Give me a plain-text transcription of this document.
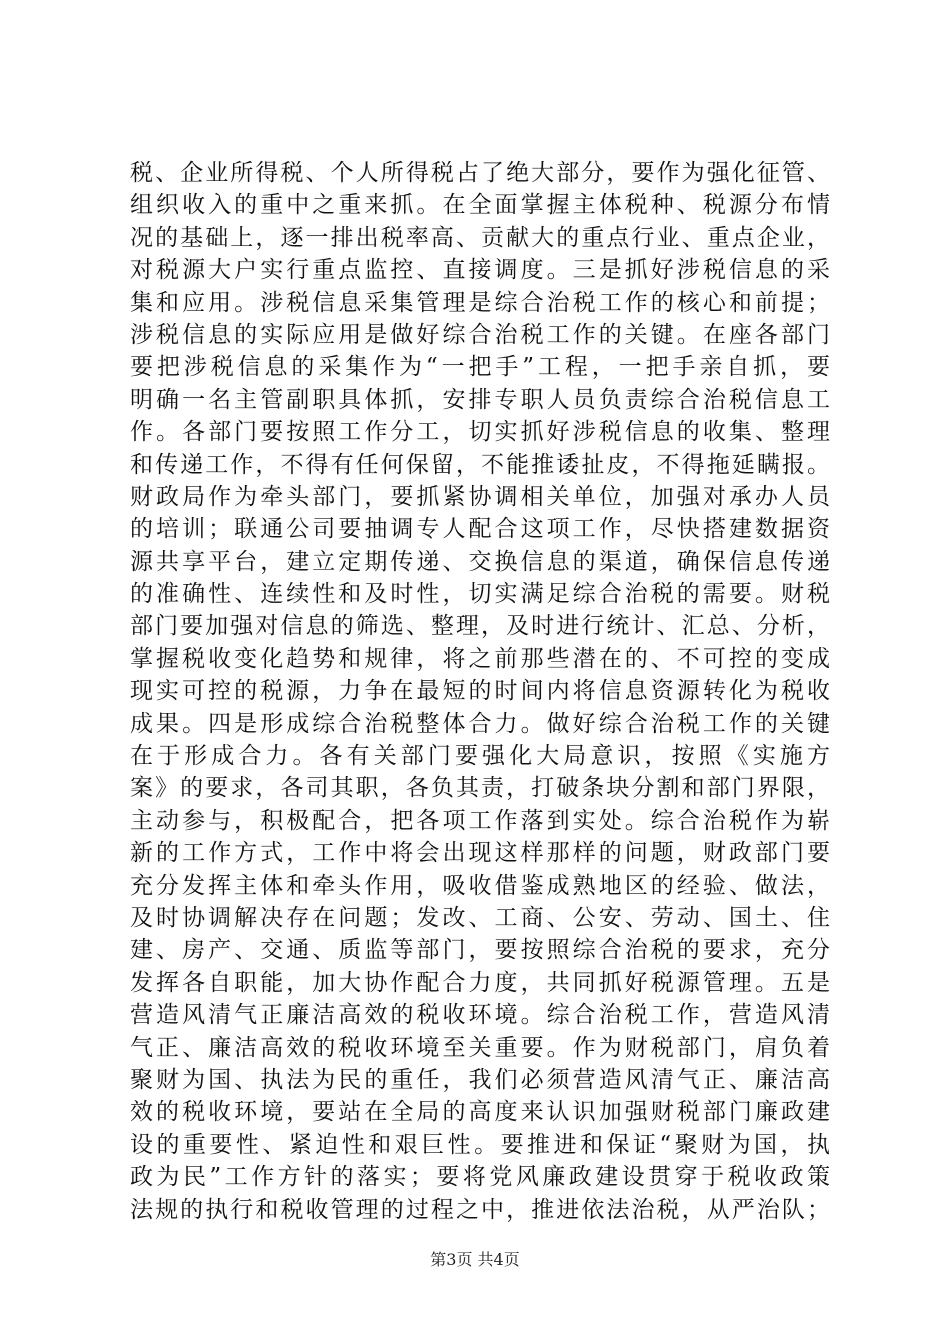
税、企业所得税、个人所得税占了绝大部分，要作为强化征管、
组织收入的重中之重来抓。在全面掌握主体税种、税源分布情
况的基础上，逐一排出税率高、贡献大的重点行业、重点企业，
对税源大户实行重点监控、直接调度。三是抓好涉税信息的采
集和应用。涉税信息采集管理是综合治税工作的核心和前提；
涉税信息的实际应用是做好综合治税工作的关键。在座各部门
要把涉税信息的采集作为“一把手”工程，一把手亲自抓，要
明确一名主管副职具体抓，安排专职人员负责综合治税信息工
作。各部门要按照工作分工，切实抓好涉税信息的收集、整理
和传递工作，不得有任何保留，不能推诿扯皮，不得拖延瞒报。
财政局作为牵头部门，要抓紧协调相关单位，加强对承办人员
的培训；联通公司要抽调专人配合这项工作，尽快搭建数据资
源共享平台，建立定期传递、交换信息的渠道，确保信息传递
的准确性、连续性和及时性，切实满足综合治税的需要。财税
部门要加强对信息的筛选、整理，及时进行统计、汇总、分析，
掌握税收变化趋势和规律，将之前那些潜在的、不可控的变成
现实可控的税源，力争在最短的时间内将信息资源转化为税收
成果。四是形成综合治税整体合力。做好综合治税工作的关键
在于形成合力。各有关部门要强化大局意识，按照《实施方
案》的要求，各司其职，各负其责，打破条块分割和部门界限，
主动参与，积极配合，把各项工作落到实处。综合治税作为崭
新的工作方式，工作中将会出现这样那样的问题，财政部门要
充分发挥主体和牵头作用，吸收借鉴成熟地区的经验、做法，
及时协调解决存在问题；发改、工商、公安、劳动、国土、住
建、房产、交通、质监等部门，要按照综合治税的要求，充分
发挥各自职能，加大协作配合力度，共同抓好税源管理。五是
营造风清气正廉洁高效的税收环境。综合治税工作，营造风清
气正、廉洁高效的税收环境至关重要。作为财税部门，肩负着
聚财为国、执法为民的重任，我们必须营造风清气正、廉洁高
效的税收环境，要站在全局的高度来认识加强财税部门廉政建
设的重要性、紧迫性和艰巨性。要推进和保证“聚财为国，执
政为民”工作方针的落实；要将党风廉政建设贯穿于税收政策
法规的执行和税收管理的过程之中，推进依法治税，从严治队；
第3页 共4页
